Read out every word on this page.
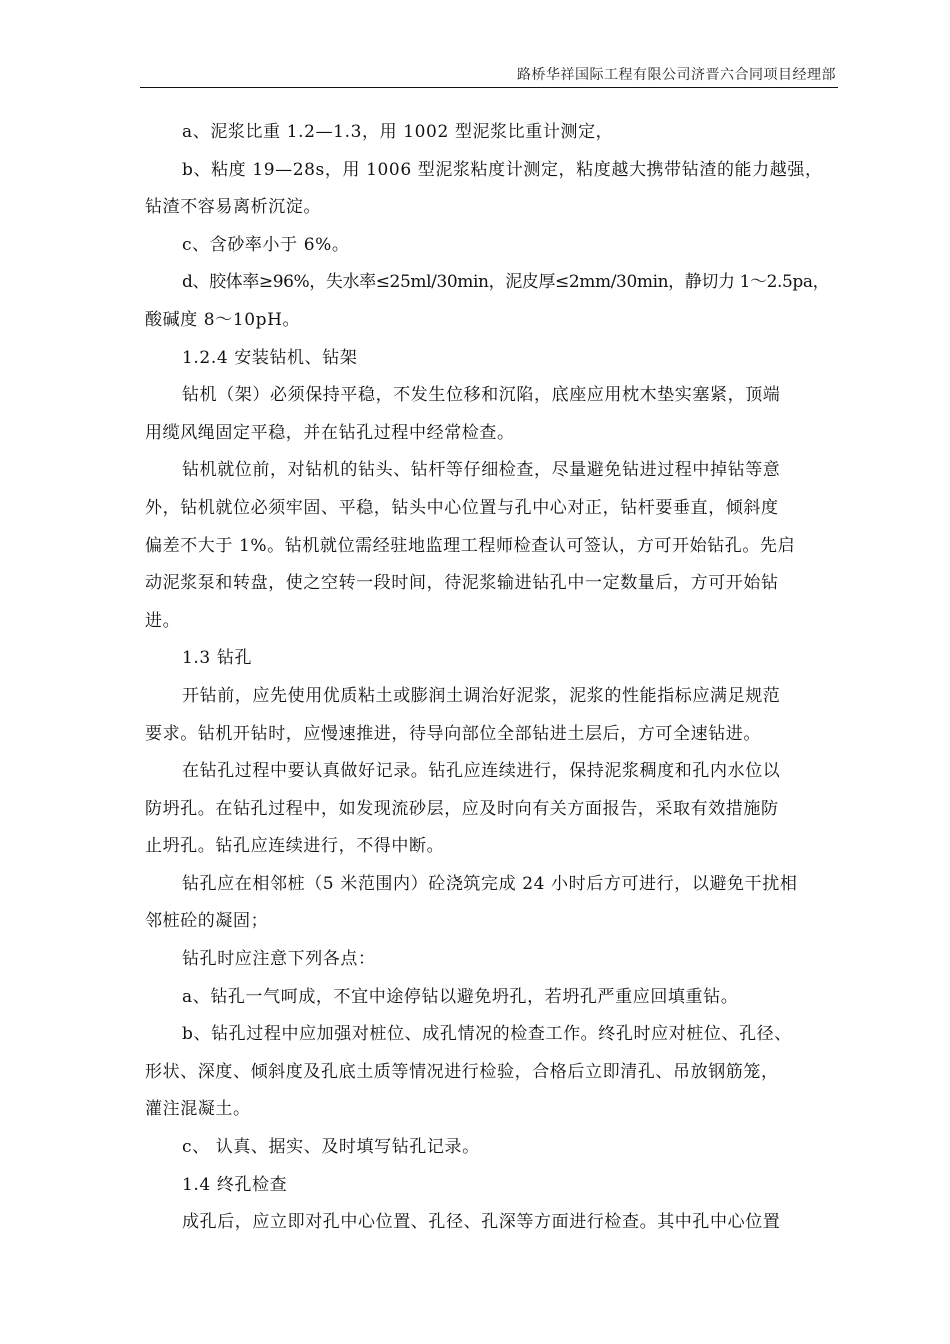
路桥华祥国际工程有限公司济晋六合同项目经理部
a、泥浆比重 1.2—1.3，用 1002 型泥浆比重计测定，
b、粘度 19—28s，用 1006 型泥浆粘度计测定，粘度越大携带钻渣的能力越强，
钻渣不容易离析沉淀。
c、含砂率小于 6%。
d、胶体率≥96%，失水率≤25ml/30min，泥皮厚≤2mm/30min，静切力 1～2.5pa，
酸碱度 8～10pH。
1.2.4 安装钻机、钻架
钻机（架）必须保持平稳，不发生位移和沉陷，底座应用枕木垫实塞紧，顶端
用缆风绳固定平稳，并在钻孔过程中经常检查。
钻机就位前，对钻机的钻头、钻杆等仔细检查，尽量避免钻进过程中掉钻等意
外，钻机就位必须牢固、平稳，钻头中心位置与孔中心对正，钻杆要垂直，倾斜度
偏差不大于 1%。钻机就位需经驻地监理工程师检查认可签认，方可开始钻孔。先启
动泥浆泵和转盘，使之空转一段时间，待泥浆输进钻孔中一定数量后，方可开始钻
进。
1.3 钻孔
开钻前，应先使用优质粘土或膨润土调治好泥浆，泥浆的性能指标应满足规范
要求。钻机开钻时，应慢速推进，待导向部位全部钻进土层后，方可全速钻进。
在钻孔过程中要认真做好记录。钻孔应连续进行，保持泥浆稠度和孔内水位以
防坍孔。在钻孔过程中，如发现流砂层，应及时向有关方面报告，采取有效措施防
止坍孔。钻孔应连续进行，不得中断。
钻孔应在相邻桩（5 米范围内）砼浇筑完成 24 小时后方可进行，以避免干扰相
邻桩砼的凝固；
钻孔时应注意下列各点：
a、钻孔一气呵成，不宜中途停钻以避免坍孔，若坍孔严重应回填重钻。
b、钻孔过程中应加强对桩位、成孔情况的检查工作。终孔时应对桩位、孔径、
形状、深度、倾斜度及孔底土质等情况进行检验，合格后立即清孔、吊放钢筋笼，
灌注混凝土。
c、 认真、据实、及时填写钻孔记录。
1.4 终孔检查
成孔后，应立即对孔中心位置、孔径、孔深等方面进行检查。其中孔中心位置
